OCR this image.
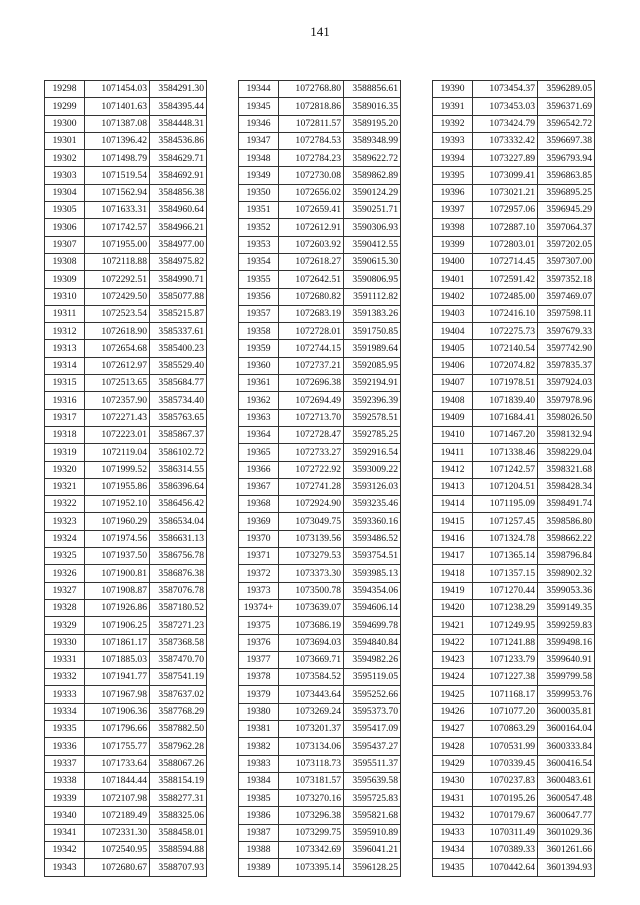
141
19298	1071454.03	3584291.30
19299	1071401.63	3584395.44
19300	1071387.08	3584448.31
19301	1071396.42	3584536.86
19302	1071498.79	3584629.71
19303	1071519.54	3584692.91
19304	1071562.94	3584856.38
19305	1071633.31	3584960.64
19306	1071742.57	3584966.21
19307	1071955.00	3584977.00
19308	1072118.88	3584975.82
19309	1072292.51	3584990.71
19310	1072429.50	3585077.88
19311	1072523.54	3585215.87
19312	1072618.90	3585337.61
19313	1072654.68	3585400.23
19314	1072612.97	3585529.40
19315	1072513.65	3585684.77
19316	1072357.90	3585734.40
19317	1072271.43	3585763.65
19318	1072223.01	3585867.37
19319	1072119.04	3586102.72
19320	1071999.52	3586314.55
19321	1071955.86	3586396.64
19322	1071952.10	3586456.42
19323	1071960.29	3586534.04
19324	1071974.56	3586631.13
19325	1071937.50	3586756.78
19326	1071900.81	3586876.38
19327	1071908.87	3587076.78
19328	1071926.86	3587180.52
19329	1071906.25	3587271.23
19330	1071861.17	3587368.58
19331	1071885.03	3587470.70
19332	1071941.77	3587541.19
19333	1071967.98	3587637.02
19334	1071906.36	3587768.29
19335	1071796.66	3587882.50
19336	1071755.77	3587962.28
19337	1071733.64	3588067.26
19338	1071844.44	3588154.19
19339	1072107.98	3588277.31
19340	1072189.49	3588325.06
19341	1072331.30	3588458.01
19342	1072540.95	3588594.88
19343	1072680.67	3588707.93
19344	1072768.80	3588856.61
19345	1072818.86	3589016.35
19346	1072811.57	3589195.20
19347	1072784.53	3589348.99
19348	1072784.23	3589622.72
19349	1072730.08	3589862.89
19350	1072656.02	3590124.29
19351	1072659.41	3590251.71
19352	1072612.91	3590306.93
19353	1072603.92	3590412.55
19354	1072618.27	3590615.30
19355	1072642.51	3590806.95
19356	1072680.82	3591112.82
19357	1072683.19	3591383.26
19358	1072728.01	3591750.85
19359	1072744.15	3591989.64
19360	1072737.21	3592085.95
19361	1072696.38	3592194.91
19362	1072694.49	3592396.39
19363	1072713.70	3592578.51
19364	1072728.47	3592785.25
19365	1072733.27	3592916.54
19366	1072722.92	3593009.22
19367	1072741.28	3593126.03
19368	1072924.90	3593235.46
19369	1073049.75	3593360.16
19370	1073139.56	3593486.52
19371	1073279.53	3593754.51
19372	1073373.30	3593985.13
19373	1073500.78	3594354.06
19374+	1073639.07	3594606.14
19375	1073686.19	3594699.78
19376	1073694.03	3594840.84
19377	1073669.71	3594982.26
19378	1073584.52	3595119.05
19379	1073443.64	3595252.66
19380	1073269.24	3595373.70
19381	1073201.37	3595417.09
19382	1073134.06	3595437.27
19383	1073118.73	3595511.37
19384	1073181.57	3595639.58
19385	1073270.16	3595725.83
19386	1073296.38	3595821.68
19387	1073299.75	3595910.89
19388	1073342.69	3596041.21
19389	1073395.14	3596128.25
19390	1073454.37	3596289.05
19391	1073453.03	3596371.69
19392	1073424.79	3596542.72
19393	1073332.42	3596697.38
19394	1073227.89	3596793.94
19395	1073099.41	3596863.85
19396	1073021.21	3596895.25
19397	1072957.06	3596945.29
19398	1072887.10	3597064.37
19399	1072803.01	3597202.05
19400	1072714.45	3597307.00
19401	1072591.42	3597352.18
19402	1072485.00	3597469.07
19403	1072416.10	3597598.11
19404	1072275.73	3597679.33
19405	1072140.54	3597742.90
19406	1072074.82	3597835.37
19407	1071978.51	3597924.03
19408	1071839.40	3597978.96
19409	1071684.41	3598026.50
19410	1071467.20	3598132.94
19411	1071338.46	3598229.04
19412	1071242.57	3598321.68
19413	1071204.51	3598428.34
19414	1071195.09	3598491.74
19415	1071257.45	3598586.80
19416	1071324.78	3598662.22
19417	1071365.14	3598796.84
19418	1071357.15	3598902.32
19419	1071270.44	3599053.36
19420	1071238.29	3599149.35
19421	1071249.95	3599259.83
19422	1071241.88	3599498.16
19423	1071233.79	3599640.91
19424	1071227.38	3599799.58
19425	1071168.17	3599953.76
19426	1071077.20	3600035.81
19427	1070863.29	3600164.04
19428	1070531.99	3600333.84
19429	1070339.45	3600416.54
19430	1070237.83	3600483.61
19431	1070195.26	3600547.48
19432	1070179.67	3600647.77
19433	1070311.49	3601029.36
19434	1070389.33	3601261.66
19435	1070442.64	3601394.93
